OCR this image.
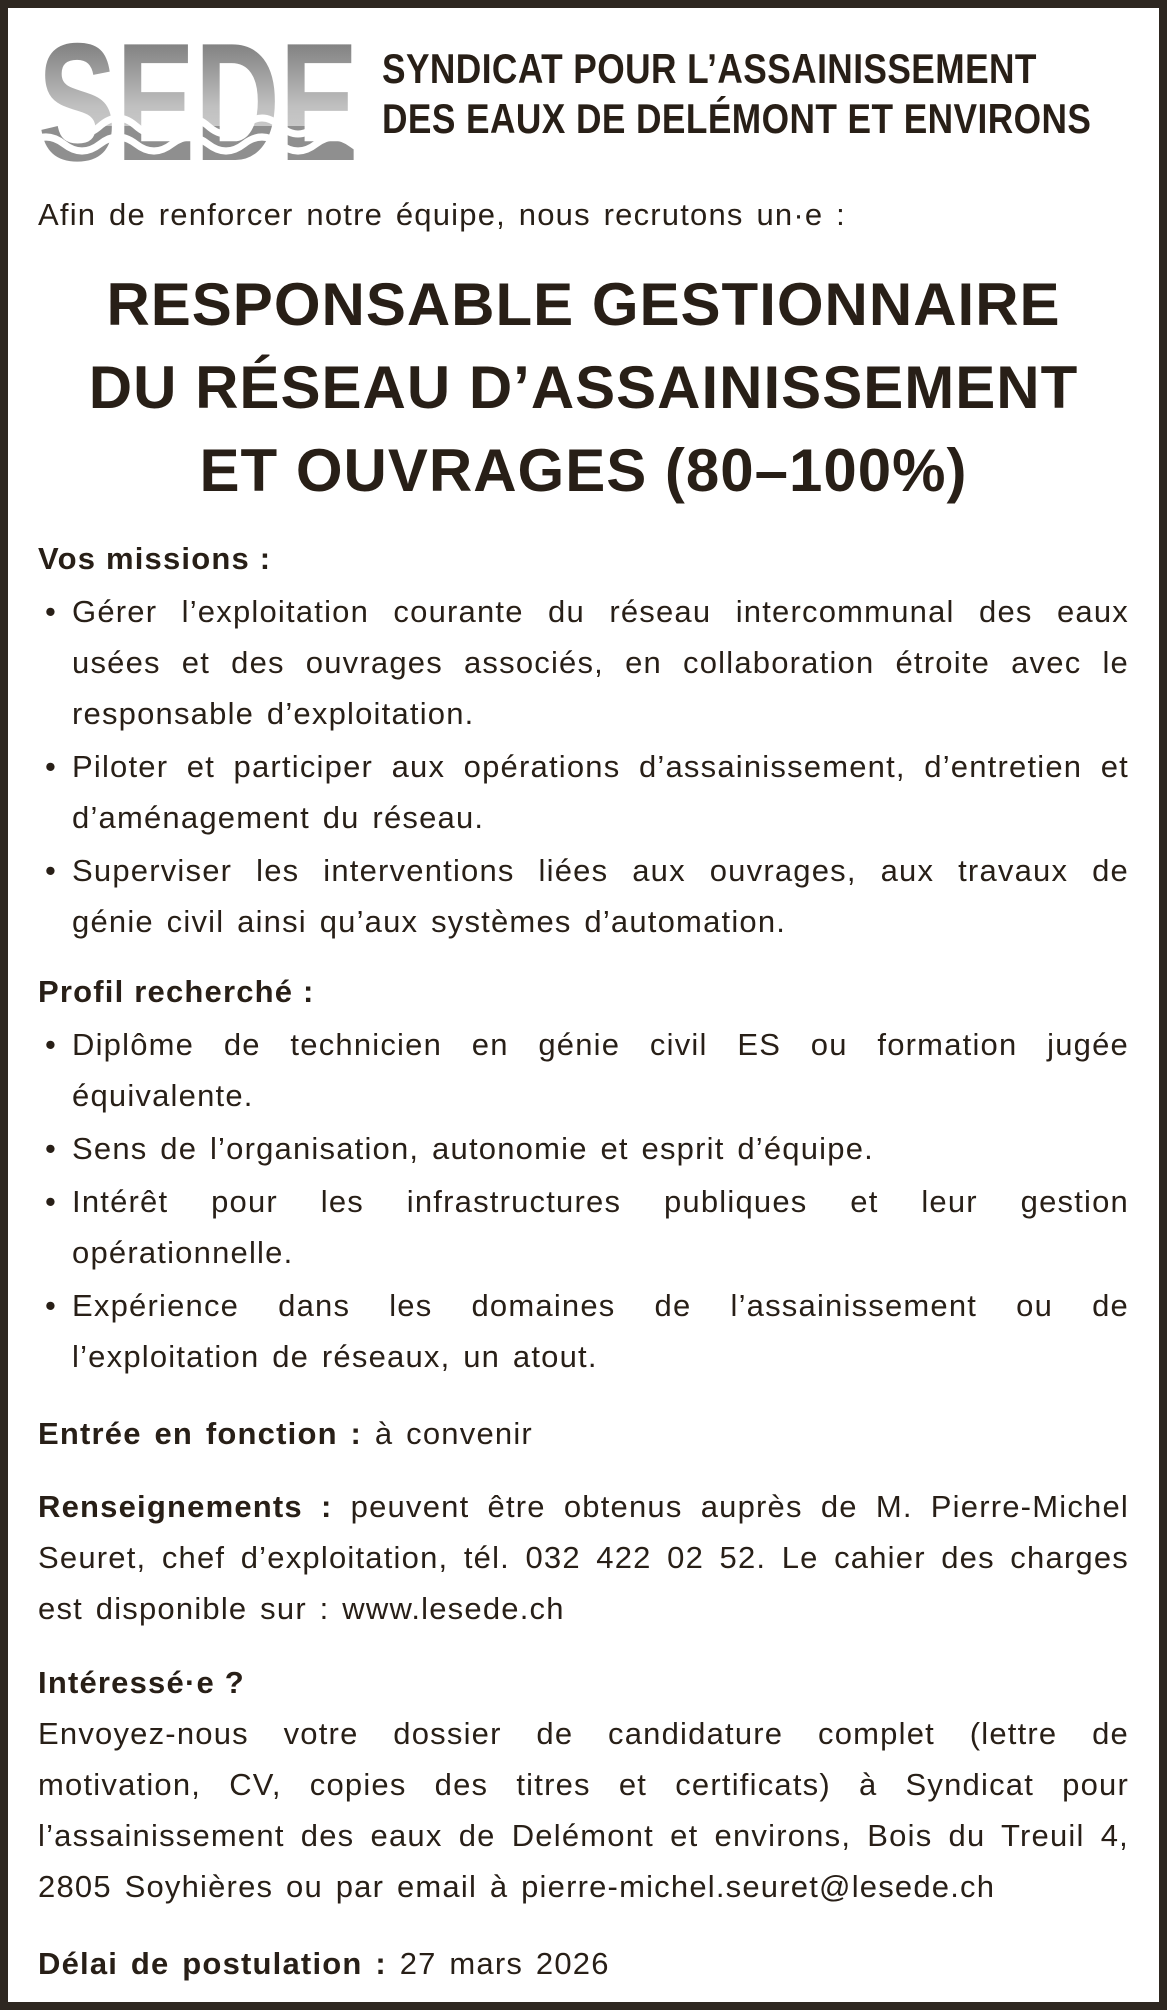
SYNDICAT POUR L’ASSAINISSEMENT
DES EAUX DE DELÉMONT ET ENVIRONS

Afin de renforcer notre équipe, nous recrutons un·e :

RESPONSABLE GESTIONNAIRE
DU RÉSEAU D’ASSAINISSEMENT
ET OUVRAGES (80–100%)
Vos missions :
• Gérer l’exploitation courante du réseau intercommunal des eaux usées et des ouvrages associés, en collaboration étroite avec le responsable d’exploitation.
• Piloter et participer aux opérations d’assainissement, d’entretien et d’aménagement du réseau.
• Superviser les interventions liées aux ouvrages, aux travaux de génie civil ainsi qu’aux systèmes d’automation.
Profil recherché :
• Diplôme de technicien en génie civil ES ou formation jugée équivalente.
• Sens de l’organisation, autonomie et esprit d’équipe.
• Intérêt pour les infrastructures publiques et leur gestion opérationnelle.
• Expérience dans les domaines de l’assainissement ou de l’exploitation de réseaux, un atout.

Entrée en fonction : à convenir

Renseignements : peuvent être obtenus auprès de M. Pierre-Michel Seuret, chef d’exploitation, tél. 032 422 02 52. Le cahier des charges est disponible sur : www.lesede.ch

Intéressé·e ?

Envoyez-nous votre dossier de candidature complet (lettre de motivation, CV, copies des titres et certificats) à Syndicat pour l’assainissement des eaux de Delémont et environs, Bois du Treuil 4, 2805 Soyhières ou par email à pierre-michel.seuret@lesede.ch

Délai de postulation : 27 mars 2026
